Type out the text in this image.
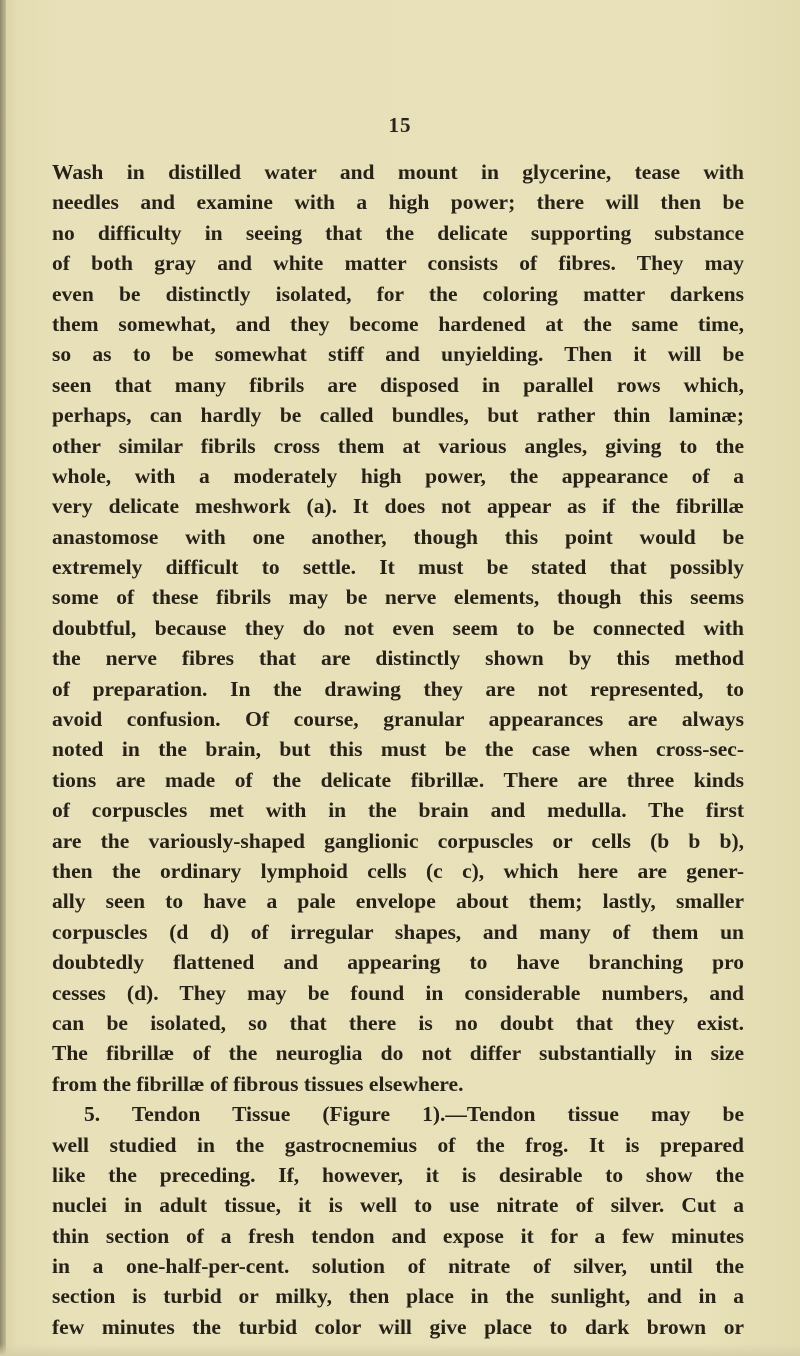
15
Wash in distilled water and mount in glycerine, tease with
needles and examine with a high power; there will then be
no difficulty in seeing that the delicate supporting substance
of both gray and white matter consists of fibres. They may
even be distinctly isolated, for the coloring matter darkens
them somewhat, and they become hardened at the same time,
so as to be somewhat stiff and unyielding. Then it will be
seen that many fibrils are disposed in parallel rows which,
perhaps, can hardly be called bundles, but rather thin laminæ;
other similar fibrils cross them at various angles, giving to the
whole, with a moderately high power, the appearance of a
very delicate meshwork (a). It does not appear as if the fibrillæ
anastomose with one another, though this point would be
extremely difficult to settle. It must be stated that possibly
some of these fibrils may be nerve elements, though this seems
doubtful, because they do not even seem to be connected with
the nerve fibres that are distinctly shown by this method
of preparation. In the drawing they are not represented, to
avoid confusion. Of course, granular appearances are always
noted in the brain, but this must be the case when cross-sec-
tions are made of the delicate fibrillæ. There are three kinds
of corpuscles met with in the brain and medulla. The first
are the variously-shaped ganglionic corpuscles or cells (b b b),
then the ordinary lymphoid cells (c c), which here are gener-
ally seen to have a pale envelope about them; lastly, smaller
corpuscles (d d) of irregular shapes, and many of them un
doubtedly flattened and appearing to have branching pro
cesses (d). They may be found in considerable numbers, and
can be isolated, so that there is no doubt that they exist.
The fibrillæ of the neuroglia do not differ substantially in size
from the fibrillæ of fibrous tissues elsewhere.
5. Tendon Tissue (Figure 1).—Tendon tissue may be
well studied in the gastrocnemius of the frog. It is prepared
like the preceding. If, however, it is desirable to show the
nuclei in adult tissue, it is well to use nitrate of silver. Cut a
thin section of a fresh tendon and expose it for a few minutes
in a one-half-per-cent. solution of nitrate of silver, until the
section is turbid or milky, then place in the sunlight, and in a
few minutes the turbid color will give place to dark brown or
